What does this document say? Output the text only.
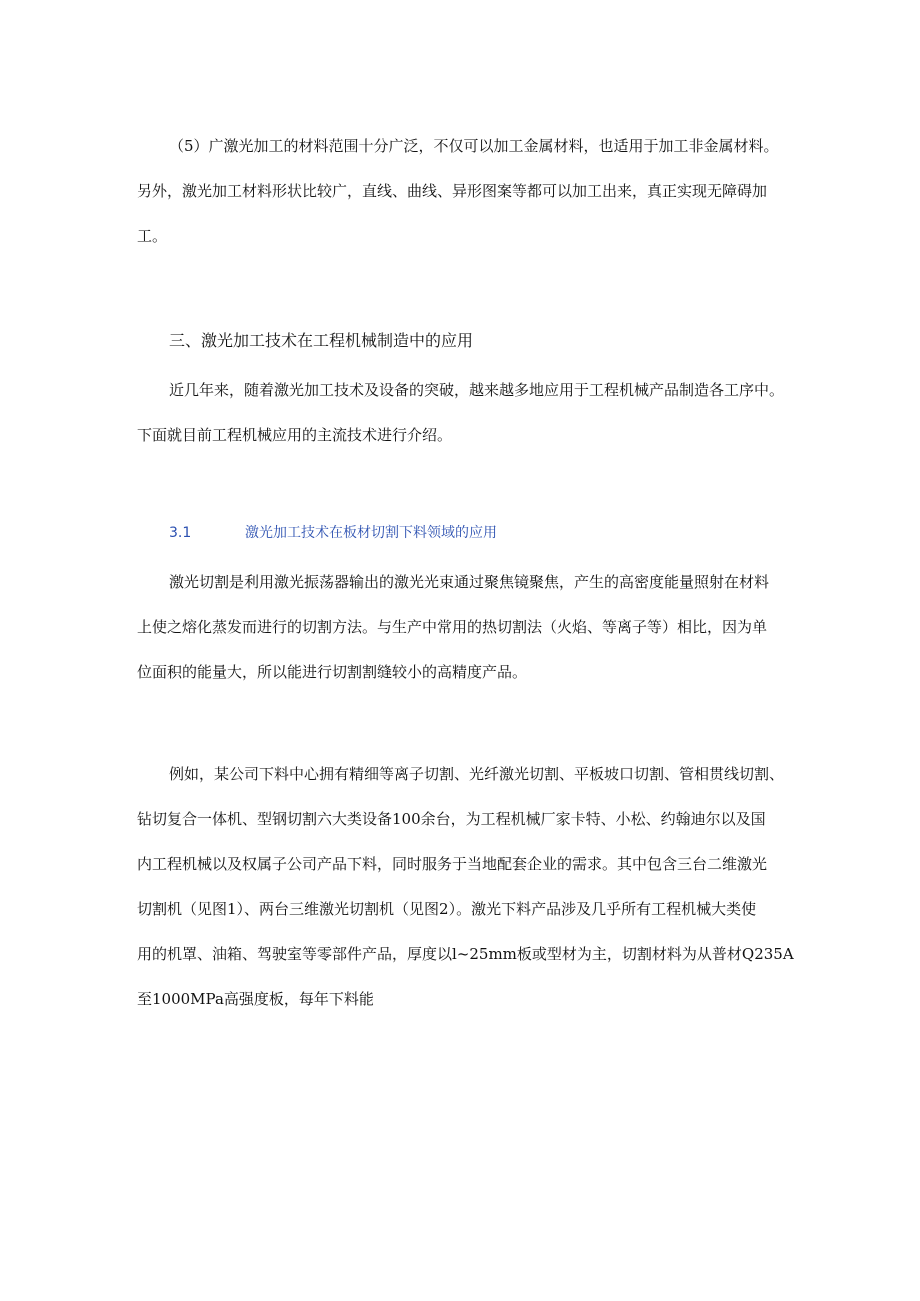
（5）广激光加工的材料范围十分广泛，不仅可以加工金属材料，也适用于加工非金属材料。
另外，激光加工材料形状比较广，直线、曲线、异形图案等都可以加工出来，真正实现无障碍加
工。
三、激光加工技术在工程机械制造中的应用
近几年来，随着激光加工技术及设备的突破，越来越多地应用于工程机械产品制造各工序中。
下面就目前工程机械应用的主流技术进行介绍。
3.1	激光加工技术在板材切割下料领域的应用
激光切割是利用激光振荡器输出的激光光束通过聚焦镜聚焦，产生的高密度能量照射在材料
上使之熔化蒸发而进行的切割方法。与生产中常用的热切割法（火焰、等离子等）相比，因为单
位面积的能量大，所以能进行切割割缝较小的高精度产品。
例如，某公司下料中心拥有精细等离子切割、光纤激光切割、平板坡口切割、管相贯线切割、
钻切复合一体机、型钢切割六大类设备100余台，为工程机械厂家卡特、小松、约翰迪尔以及国
内工程机械以及权属子公司产品下料，同时服务于当地配套企业的需求。其中包含三台二维激光
切割机（见图1）、两台三维激光切割机（见图2）。激光下料产品涉及几乎所有工程机械大类使
用的机罩、油箱、驾驶室等零部件产品，厚度以l~25mm板或型材为主，切割材料为从普材Q235A
至1000MPa高强度板，每年下料能
